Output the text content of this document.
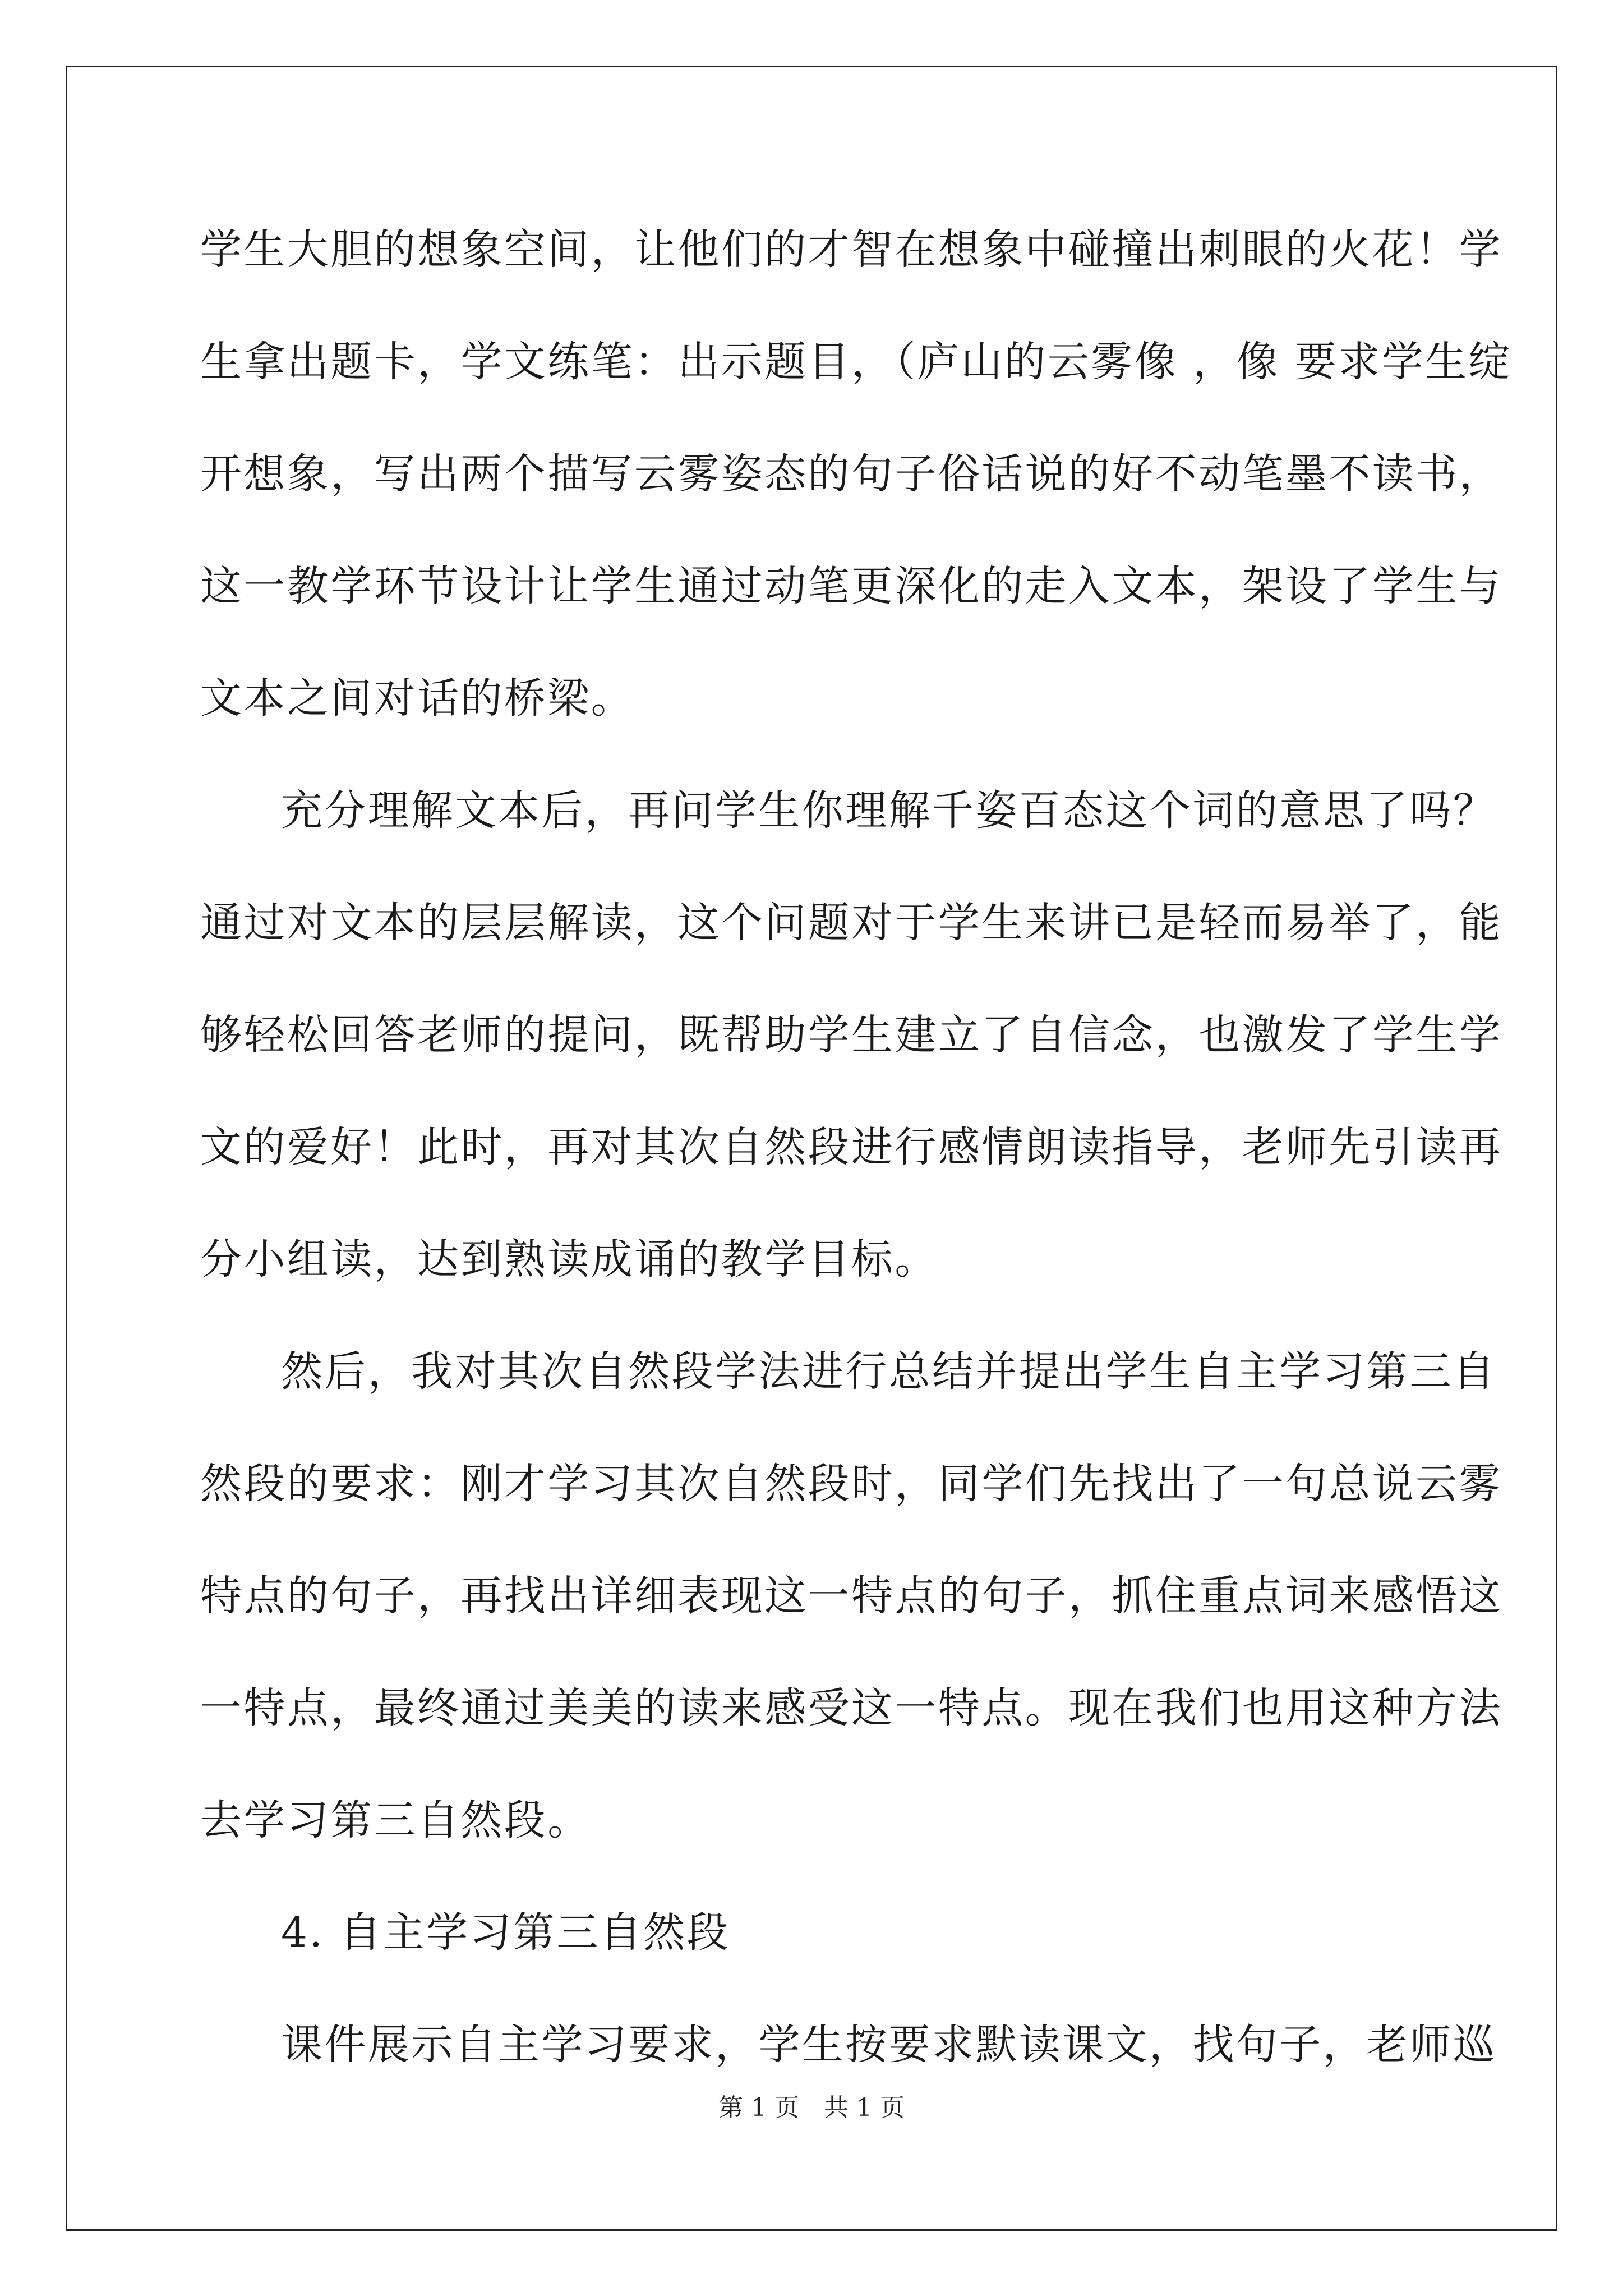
学生大胆的想象空间，让他们的才智在想象中碰撞出刺眼的火花！学
生拿出题卡，学文练笔：出示题目，（庐山的云雾像 ，像 要求学生绽
开想象，写出两个描写云雾姿态的句子俗话说的好不动笔墨不读书，
这一教学环节设计让学生通过动笔更深化的走入文本，架设了学生与
文本之间对话的桥梁。
充分理解文本后，再问学生你理解千姿百态这个词的意思了吗？
通过对文本的层层解读，这个问题对于学生来讲已是轻而易举了，能
够轻松回答老师的提问，既帮助学生建立了自信念，也激发了学生学
文的爱好！此时，再对其次自然段进行感情朗读指导，老师先引读再
分小组读，达到熟读成诵的教学目标。
然后，我对其次自然段学法进行总结并提出学生自主学习第三自
然段的要求：刚才学习其次自然段时，同学们先找出了一句总说云雾
特点的句子，再找出详细表现这一特点的句子，抓住重点词来感悟这
一特点，最终通过美美的读来感受这一特点。现在我们也用这种方法
去学习第三自然段。
4. 自主学习第三自然段
课件展示自主学习要求，学生按要求默读课文，找句子，老师巡
第 1 页　共 1 页
